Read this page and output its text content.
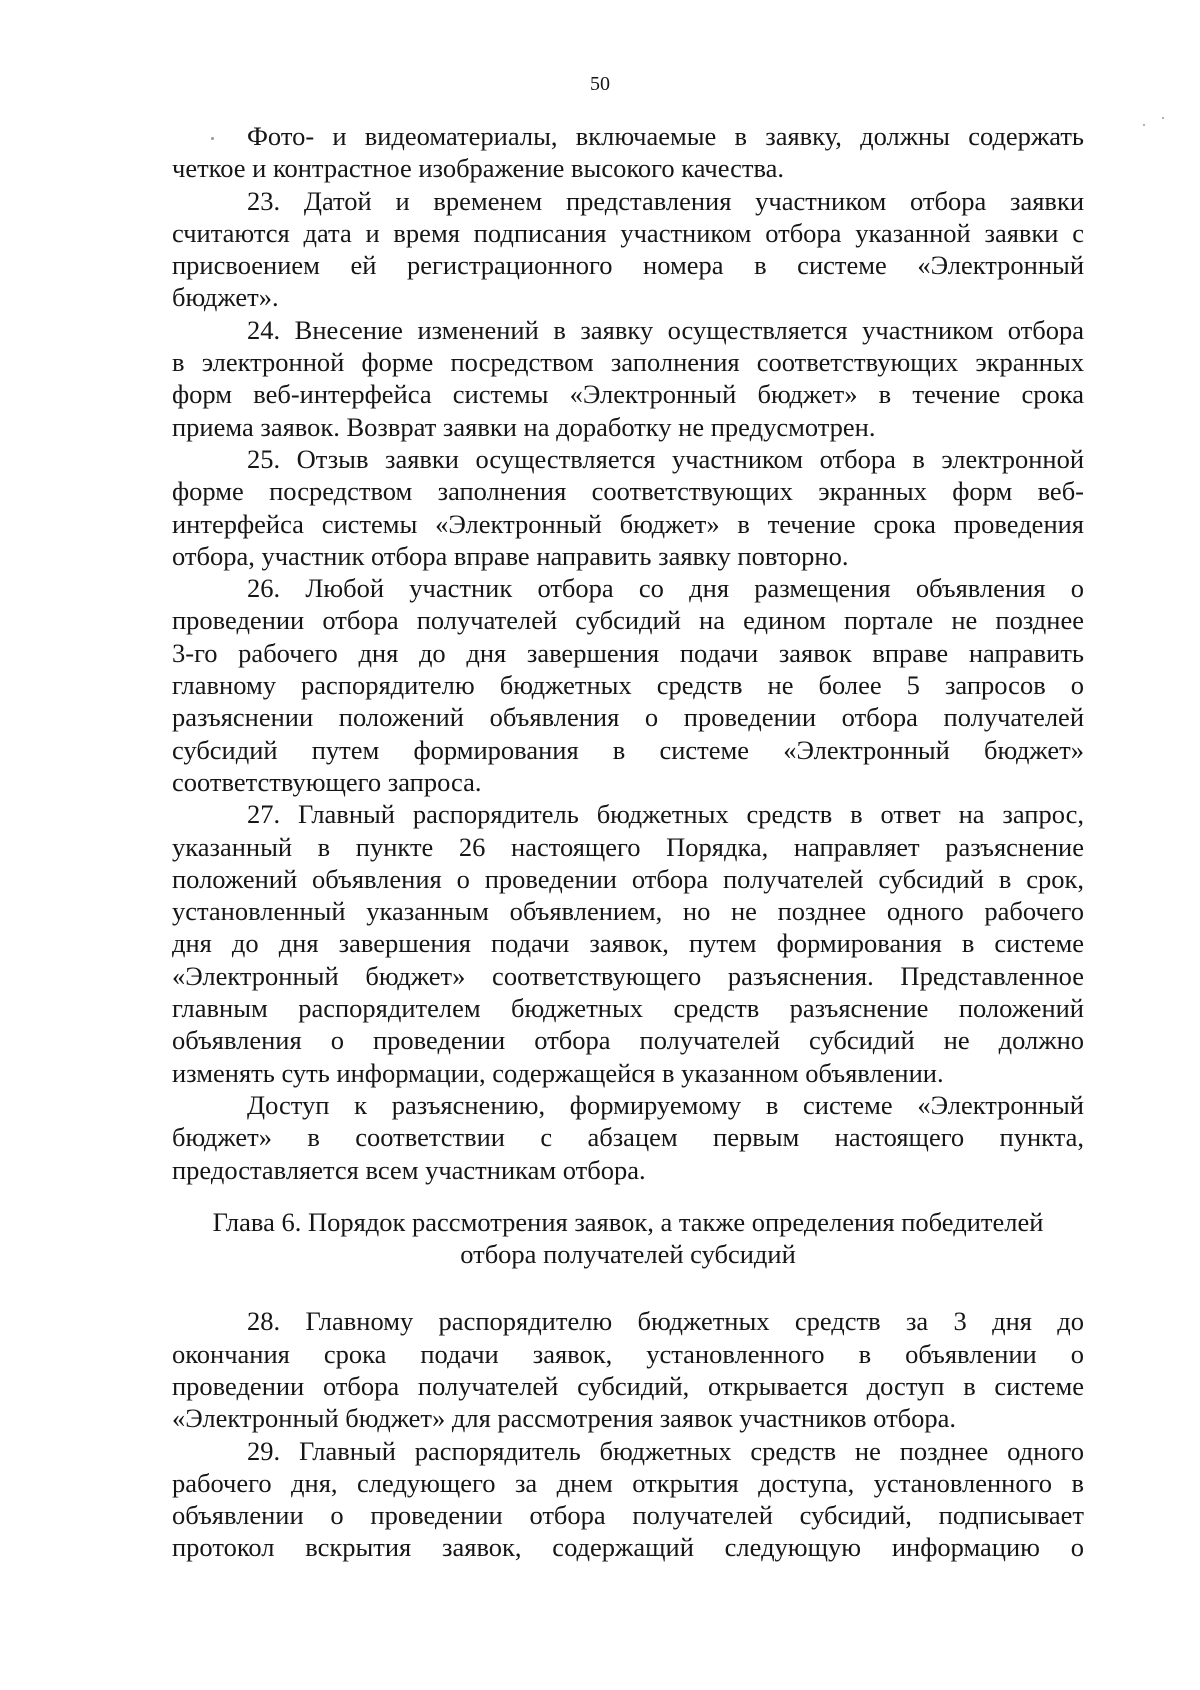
50
Фото- и видеоматериалы, включаемые в заявку, должны содержать
четкое и контрастное изображение высокого качества.
23. Датой и временем представления участником отбора заявки
считаются дата и время подписания участником отбора указанной заявки с
присвоением ей регистрационного номера в системе «Электронный
бюджет».
24. Внесение изменений в заявку осуществляется участником отбора
в электронной форме посредством заполнения соответствующих экранных
форм веб-интерфейса системы «Электронный бюджет» в течение срока
приема заявок. Возврат заявки на доработку не предусмотрен.
25. Отзыв заявки осуществляется участником отбора в электронной
форме посредством заполнения соответствующих экранных форм веб-
интерфейса системы «Электронный бюджет» в течение срока проведения
отбора, участник отбора вправе направить заявку повторно.
26. Любой участник отбора со дня размещения объявления о
проведении отбора получателей субсидий на едином портале не позднее
3-го рабочего дня до дня завершения подачи заявок вправе направить
главному распорядителю бюджетных средств не более 5 запросов о
разъяснении положений объявления о проведении отбора получателей
субсидий путем формирования в системе «Электронный бюджет»
соответствующего запроса.
27. Главный распорядитель бюджетных средств в ответ на запрос,
указанный в пункте 26 настоящего Порядка, направляет разъяснение
положений объявления о проведении отбора получателей субсидий в срок,
установленный указанным объявлением, но не позднее одного рабочего
дня до дня завершения подачи заявок, путем формирования в системе
«Электронный бюджет» соответствующего разъяснения. Представленное
главным распорядителем бюджетных средств разъяснение положений
объявления о проведении отбора получателей субсидий не должно
изменять суть информации, содержащейся в указанном объявлении.
Доступ к разъяснению, формируемому в системе «Электронный
бюджет» в соответствии с абзацем первым настоящего пункта,
предоставляется всем участникам отбора.
Глава 6. Порядок рассмотрения заявок, а также определения победителей
отбора получателей субсидий
28. Главному распорядителю бюджетных средств за 3 дня до
окончания срока подачи заявок, установленного в объявлении о
проведении отбора получателей субсидий, открывается доступ в системе
«Электронный бюджет» для рассмотрения заявок участников отбора.
29. Главный распорядитель бюджетных средств не позднее одного
рабочего дня, следующего за днем открытия доступа, установленного в
объявлении о проведении отбора получателей субсидий, подписывает
протокол вскрытия заявок, содержащий следующую информацию о
